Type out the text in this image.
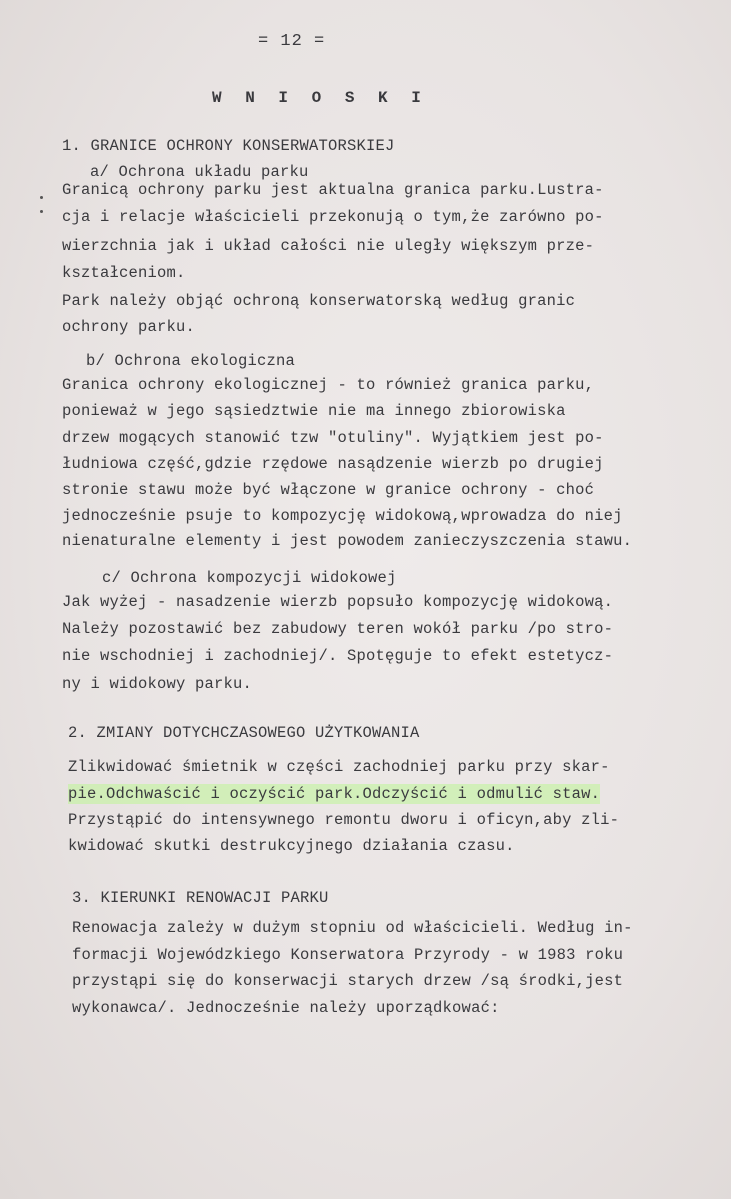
= 12 =
W N I O S K I
1. GRANICE OCHRONY KONSERWATORSKIEJ
a/ Ochrona układu parku
Granicą ochrony parku jest aktualna granica parku.Lustra-
cja i relacje właścicieli przekonują o tym,że zarówno po-
wierzchnia jak i układ całości nie uległy większym prze-
kształceniom.
Park należy objąć ochroną konserwatorską według granic
ochrony parku.
b/ Ochrona ekologiczna
Granica ochrony ekologicznej - to również granica parku,
ponieważ w jego sąsiedztwie nie ma innego zbiorowiska
drzew mogących stanowić tzw "otuliny". Wyjątkiem jest po-
łudniowa część,gdzie rzędowe nasądzenie wierzb po drugiej
stronie stawu może być włączone w granice ochrony - choć
jednocześnie psuje to kompozycję widokową,wprowadza do niej
nienaturalne elementy i jest powodem zanieczyszczenia stawu.
c/ Ochrona kompozycji widokowej
Jak wyżej - nasadzenie wierzb popsuło kompozycję widokową.
Należy pozostawić bez zabudowy teren wokół parku /po stro-
nie wschodniej i zachodniej/. Spotęguje to efekt estetycz-
ny i widokowy parku.
2. ZMIANY DOTYCHCZASOWEGO UŻYTKOWANIA
Zlikwidować śmietnik w części zachodniej parku przy skar-
pie.Odchwaścić i oczyścić park.Odczyścić i odmulić staw.
Przystąpić do intensywnego remontu dworu i oficyn,aby zli-
kwidować skutki destrukcyjnego działania czasu.
3. KIERUNKI RENOWACJI PARKU
Renowacja zależy w dużym stopniu od właścicieli. Według in-
formacji Wojewódzkiego Konserwatora Przyrody - w 1983 roku
przystąpi się do konserwacji starych drzew /są środki,jest
wykonawca/. Jednocześnie należy uporządkować:
